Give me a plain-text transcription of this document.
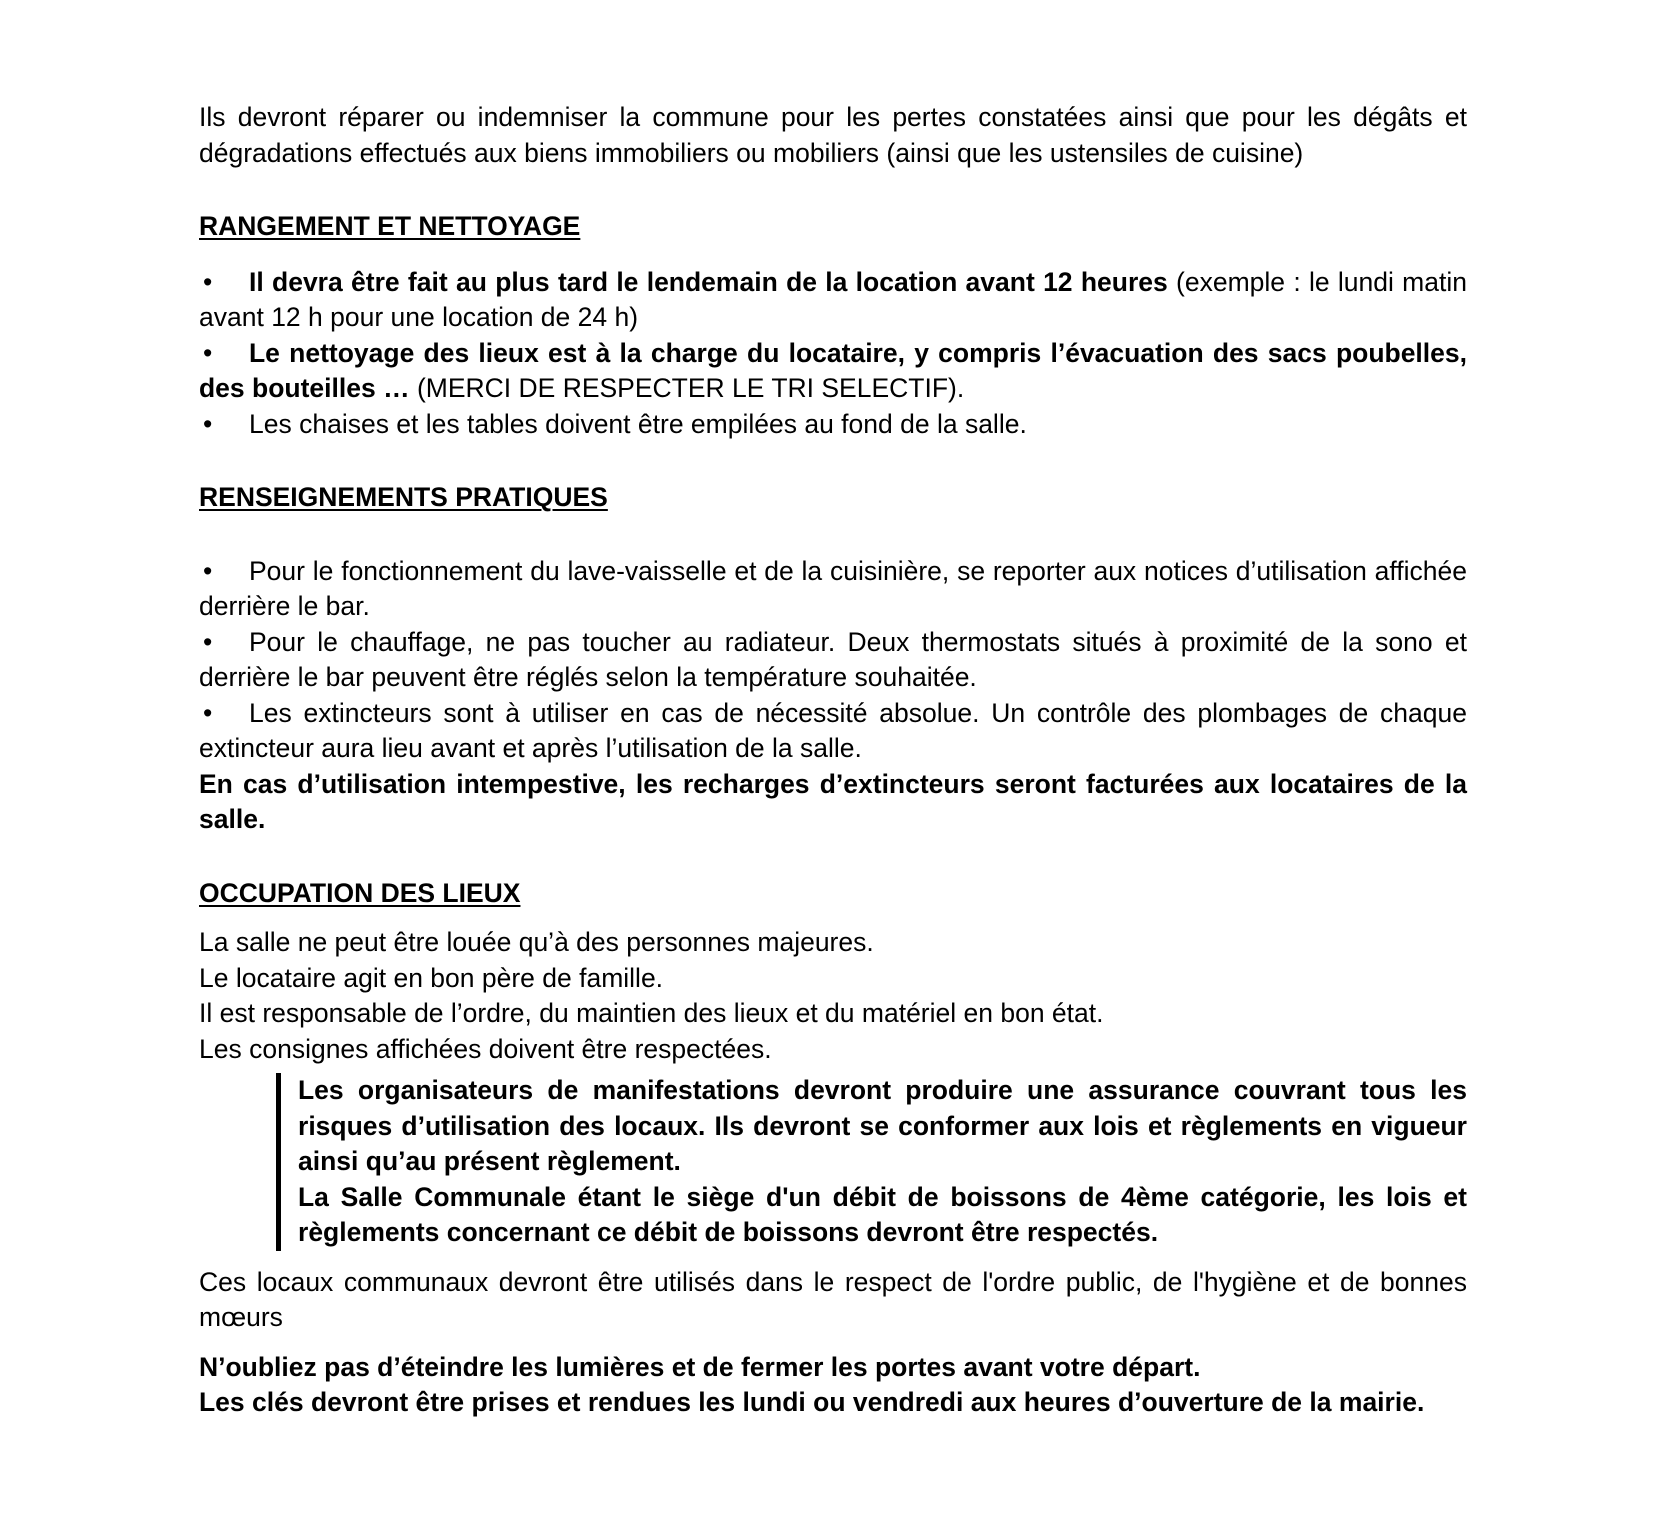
Ils devront réparer ou indemniser la commune pour les pertes constatées ainsi que pour les dégâts et dégradations effectués aux biens immobiliers ou mobiliers (ainsi que les ustensiles de cuisine)

RANGEMENT ET NETTOYAGE

• Il devra être fait au plus tard le lendemain de la location avant 12 heures (exemple : le lundi matin avant 12 h pour une location de 24 h)

• Le nettoyage des lieux est à la charge du locataire, y compris l’évacuation des sacs poubelles, des bouteilles … (MERCI DE RESPECTER LE TRI SELECTIF).

• Les chaises et les tables doivent être empilées au fond de la salle.

RENSEIGNEMENTS PRATIQUES

• Pour le fonctionnement du lave-vaisselle et de la cuisinière, se reporter aux notices d’utilisation affichée derrière le bar.

• Pour le chauffage, ne pas toucher au radiateur. Deux thermostats situés à proximité de la sono et derrière le bar peuvent être réglés selon la température souhaitée.

• Les extincteurs sont à utiliser en cas de nécessité absolue. Un contrôle des plombages de chaque extincteur aura lieu avant et après l’utilisation de la salle.

En cas d’utilisation intempestive, les recharges d’extincteurs seront facturées aux locataires de la salle.

OCCUPATION DES LIEUX

La salle ne peut être louée qu’à des personnes majeures.

Le locataire agit en bon père de famille.

Il est responsable de l’ordre, du maintien des lieux et du matériel en bon état.

Les consignes affichées doivent être respectées.

Les organisateurs de manifestations devront produire une assurance couvrant tous les risques d’utilisation des locaux. Ils devront se conformer aux lois et règlements en vigueur ainsi qu’au présent règlement.

La Salle Communale étant le siège d'un débit de boissons de 4ème catégorie, les lois et règlements concernant ce débit de boissons devront être respectés.

Ces locaux communaux devront être utilisés dans le respect de l'ordre public, de l'hygiène et de bonnes mœurs

N’oubliez pas d’éteindre les lumières et de fermer les portes avant votre départ.

Les clés devront être prises et rendues les lundi ou vendredi aux heures d’ouverture de la mairie.
